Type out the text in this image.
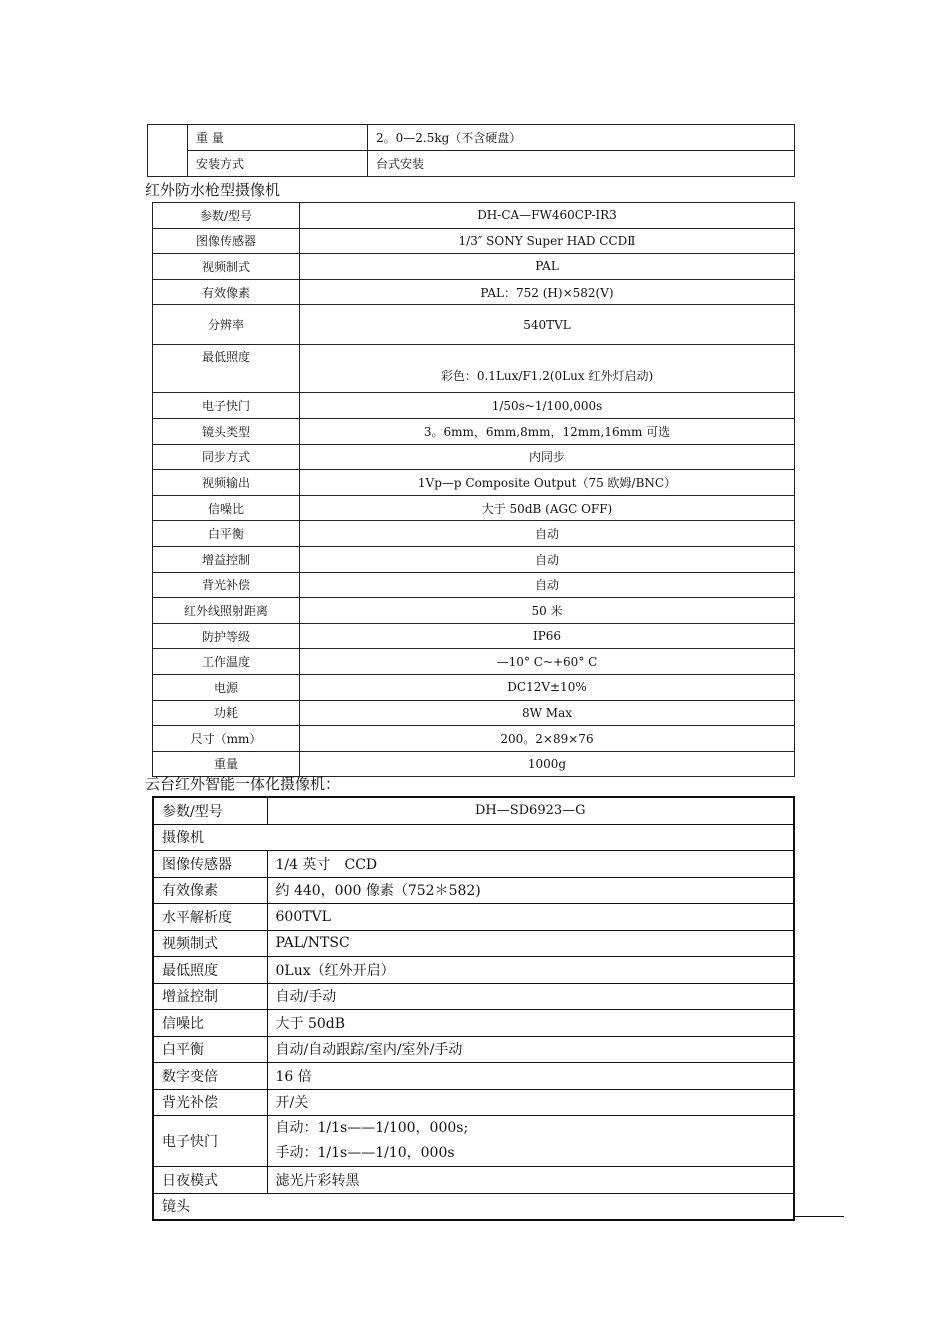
	重 量	2。0—2.5kg（不含硬盘）
	安装方式	台式安装
红外防水枪型摄像机
参数/型号	DH-CA—FW460CP-IR3
图像传感器	1/3″ SONY Super HAD CCDⅡ
视频制式	PAL
有效像素	PAL：752 (H)×582(V)
分辨率	540TVL
最低照度	彩色：0.1Lux/F1.2(0Lux 红外灯启动)
电子快门	1/50s~1/100,000s
镜头类型	3。6mm，6mm,8mm，12mm,16mm 可选
同步方式	内同步
视频输出	1Vp—p Composite Output（75 欧姆/BNC）
信噪比	大于 50dB (AGC OFF)
白平衡	自动
增益控制	自动
背光补偿	自动
红外线照射距离	50 米
防护等级	IP66
工作温度	—10° C~+60° C
电源	DC12V±10%
功耗	8W Max
尺寸（mm）	200。2×89×76
重量	1000g
云台红外智能一体化摄像机：
参数/型号	DH—SD6923—G
摄像机	
图像传感器	1/4 英寸　CCD
有效像素	约 440，000 像素（752＊582)
水平解析度	600TVL
视频制式	PAL/NTSC
最低照度	0Lux（红外开启）
增益控制	自动/手动
信噪比	大于 50dB
白平衡	自动/自动跟踪/室内/室外/手动
数字变倍	16 倍
背光补偿	开/关
电子快门	自动：1/1s——1/100，000s;
手动：1/1s——1/10，000s

日夜模式	滤光片彩转黑
镜头	
